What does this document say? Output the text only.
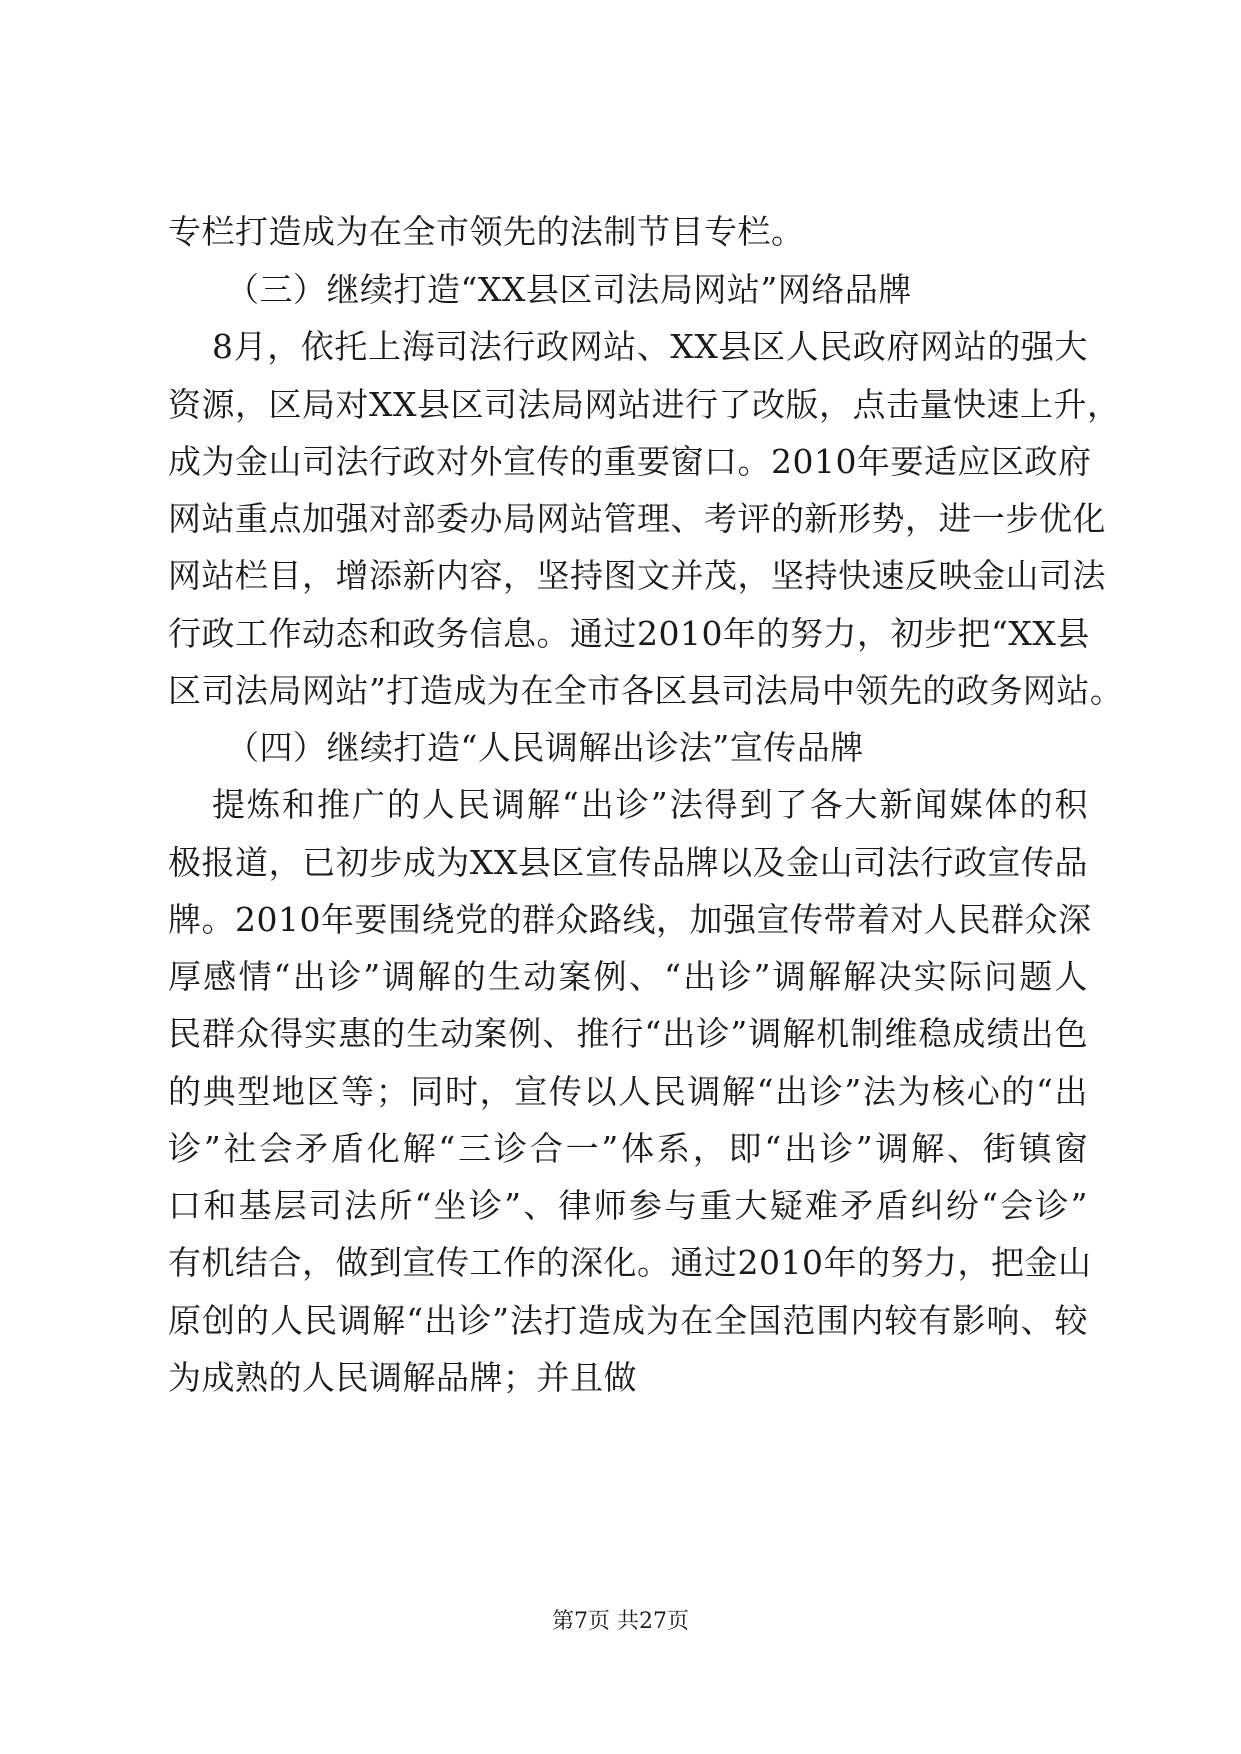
专栏打造成为在全市领先的法制节目专栏。
（三）继续打造“XX县区司法局网站”网络品牌
8月，依托上海司法行政网站、XX县区人民政府网站的强大
资源，区局对XX县区司法局网站进行了改版，点击量快速上升，
成为金山司法行政对外宣传的重要窗口。2010年要适应区政府
网站重点加强对部委办局网站管理、考评的新形势，进一步优化
网站栏目，增添新内容，坚持图文并茂，坚持快速反映金山司法
行政工作动态和政务信息。通过2010年的努力，初步把“XX县
区司法局网站”打造成为在全市各区县司法局中领先的政务网站。
（四）继续打造“人民调解出诊法”宣传品牌
提炼和推广的人民调解“出诊”法得到了各大新闻媒体的积
极报道，已初步成为XX县区宣传品牌以及金山司法行政宣传品
牌。2010年要围绕党的群众路线，加强宣传带着对人民群众深
厚感情“出诊”调解的生动案例、“出诊”调解解决实际问题人
民群众得实惠的生动案例、推行“出诊”调解机制维稳成绩出色
的典型地区等；同时，宣传以人民调解“出诊”法为核心的“出
诊”社会矛盾化解“三诊合一”体系，即“出诊”调解、街镇窗
口和基层司法所“坐诊”、律师参与重大疑难矛盾纠纷“会诊”
有机结合，做到宣传工作的深化。通过2010年的努力，把金山
原创的人民调解“出诊”法打造成为在全国范围内较有影响、较
为成熟的人民调解品牌；并且做
第7页 共27页
